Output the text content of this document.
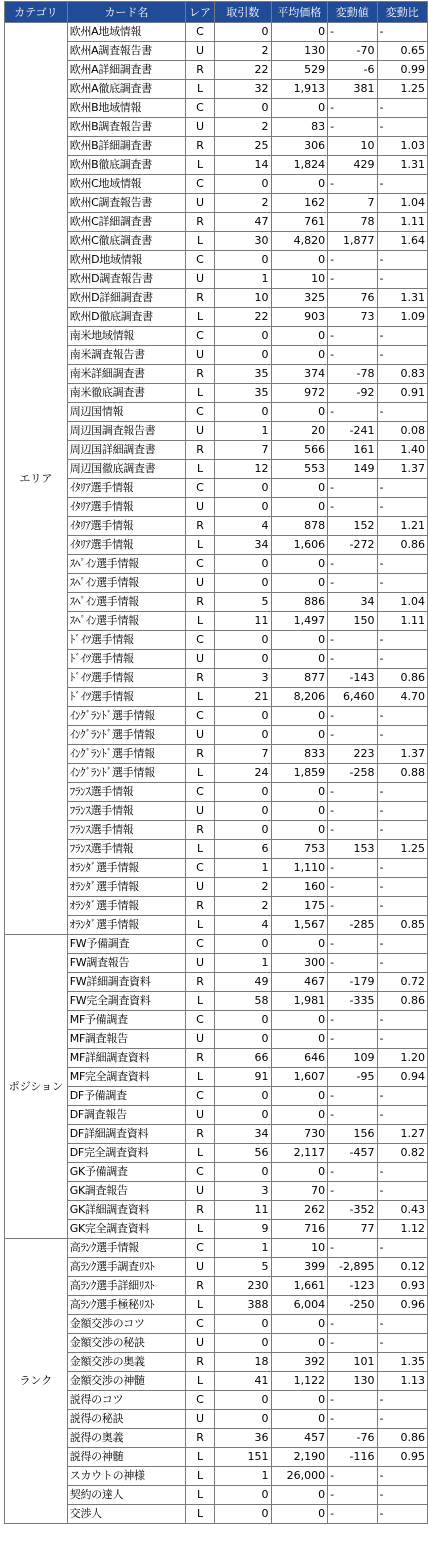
カテゴリ	カード名	レア	取引数	平均価格	変動値	変動比
エリア	欧州A地域情報	C	0	0	-	-
	欧州A調査報告書	U	2	130	-70	0.65
	欧州A詳細調査書	R	22	529	-6	0.99
	欧州A徹底調査書	L	32	1,913	381	1.25
	欧州B地域情報	C	0	0	-	-
	欧州B調査報告書	U	2	83	-	-
	欧州B詳細調査書	R	25	306	10	1.03
	欧州B徹底調査書	L	14	1,824	429	1.31
	欧州C地域情報	C	0	0	-	-
	欧州C調査報告書	U	2	162	7	1.04
	欧州C詳細調査書	R	47	761	78	1.11
	欧州C徹底調査書	L	30	4,820	1,877	1.64
	欧州D地域情報	C	0	0	-	-
	欧州D調査報告書	U	1	10	-	-
	欧州D詳細調査書	R	10	325	76	1.31
	欧州D徹底調査書	L	22	903	73	1.09
	南米地域情報	C	0	0	-	-
	南米調査報告書	U	0	0	-	-
	南米詳細調査書	R	35	374	-78	0.83
	南米徹底調査書	L	35	972	-92	0.91
	周辺国情報	C	0	0	-	-
	周辺国調査報告書	U	1	20	-241	0.08
	周辺国詳細調査書	R	7	566	161	1.40
	周辺国徹底調査書	L	12	553	149	1.37
	ｲﾀﾘｱ選手情報	C	0	0	-	-
	ｲﾀﾘｱ選手情報	U	0	0	-	-
	ｲﾀﾘｱ選手情報	R	4	878	152	1.21
	ｲﾀﾘｱ選手情報	L	34	1,606	-272	0.86
	ｽﾍﾟｲﾝ選手情報	C	0	0	-	-
	ｽﾍﾟｲﾝ選手情報	U	0	0	-	-
	ｽﾍﾟｲﾝ選手情報	R	5	886	34	1.04
	ｽﾍﾟｲﾝ選手情報	L	11	1,497	150	1.11
	ﾄﾞｲﾂ選手情報	C	0	0	-	-
	ﾄﾞｲﾂ選手情報	U	0	0	-	-
	ﾄﾞｲﾂ選手情報	R	3	877	-143	0.86
	ﾄﾞｲﾂ選手情報	L	21	8,206	6,460	4.70
	ｲﾝｸﾞﾗﾝﾄﾞ選手情報	C	0	0	-	-
	ｲﾝｸﾞﾗﾝﾄﾞ選手情報	U	0	0	-	-
	ｲﾝｸﾞﾗﾝﾄﾞ選手情報	R	7	833	223	1.37
	ｲﾝｸﾞﾗﾝﾄﾞ選手情報	L	24	1,859	-258	0.88
	ﾌﾗﾝｽ選手情報	C	0	0	-	-
	ﾌﾗﾝｽ選手情報	U	0	0	-	-
	ﾌﾗﾝｽ選手情報	R	0	0	-	-
	ﾌﾗﾝｽ選手情報	L	6	753	153	1.25
	ｵﾗﾝﾀﾞ選手情報	C	1	1,110	-	-
	ｵﾗﾝﾀﾞ選手情報	U	2	160	-	-
	ｵﾗﾝﾀﾞ選手情報	R	2	175	-	-
	ｵﾗﾝﾀﾞ選手情報	L	4	1,567	-285	0.85
ポジション	FW予備調査	C	0	0	-	-
	FW調査報告	U	1	300	-	-
	FW詳細調査資料	R	49	467	-179	0.72
	FW完全調査資料	L	58	1,981	-335	0.86
	MF予備調査	C	0	0	-	-
	MF調査報告	U	0	0	-	-
	MF詳細調査資料	R	66	646	109	1.20
	MF完全調査資料	L	91	1,607	-95	0.94
	DF予備調査	C	0	0	-	-
	DF調査報告	U	0	0	-	-
	DF詳細調査資料	R	34	730	156	1.27
	DF完全調査資料	L	56	2,117	-457	0.82
	GK予備調査	C	0	0	-	-
	GK調査報告	U	3	70	-	-
	GK詳細調査資料	R	11	262	-352	0.43
	GK完全調査資料	L	9	716	77	1.12
ランク	高ﾗﾝｸ選手情報	C	1	10	-	-
	高ﾗﾝｸ選手調査ﾘｽﾄ	U	5	399	-2,895	0.12
	高ﾗﾝｸ選手詳細ﾘｽﾄ	R	230	1,661	-123	0.93
	高ﾗﾝｸ選手極秘ﾘｽﾄ	L	388	6,004	-250	0.96
	金額交渉のコツ	C	0	0	-	-
	金額交渉の秘訣	U	0	0	-	-
	金額交渉の奥義	R	18	392	101	1.35
	金額交渉の神髄	L	41	1,122	130	1.13
	説得のコツ	C	0	0	-	-
	説得の秘訣	U	0	0	-	-
	説得の奥義	R	36	457	-76	0.86
	説得の神髄	L	151	2,190	-116	0.95
	スカウトの神様	L	1	26,000	-	-
	契約の達人	L	0	0	-	-
	交渉人	L	0	0	-	-
